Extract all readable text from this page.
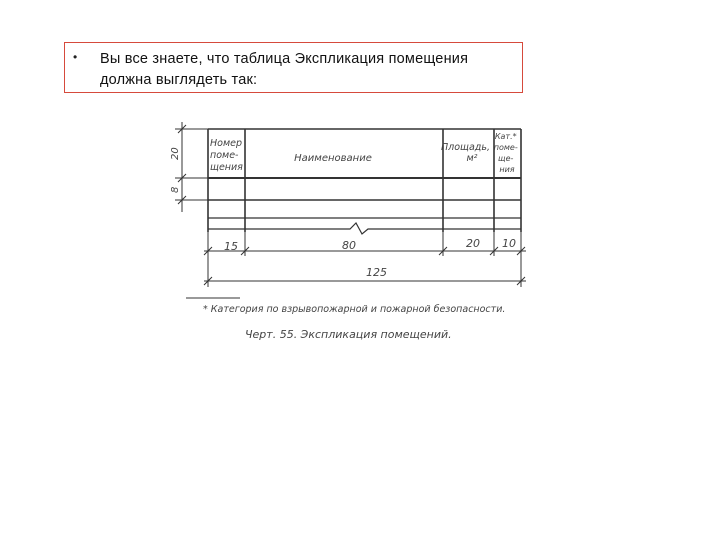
• Вы все знаете, что таблица Экспликация помещения должна выглядеть так:
Номер поме- щения
Наименование
Площадь, м²
Кат.* поме- ще- ния
20
8
15	80	20 10
125
* Категория по взрывопожарной и пожарной безопасности.
Черт. 55. Экспликация помещений.
